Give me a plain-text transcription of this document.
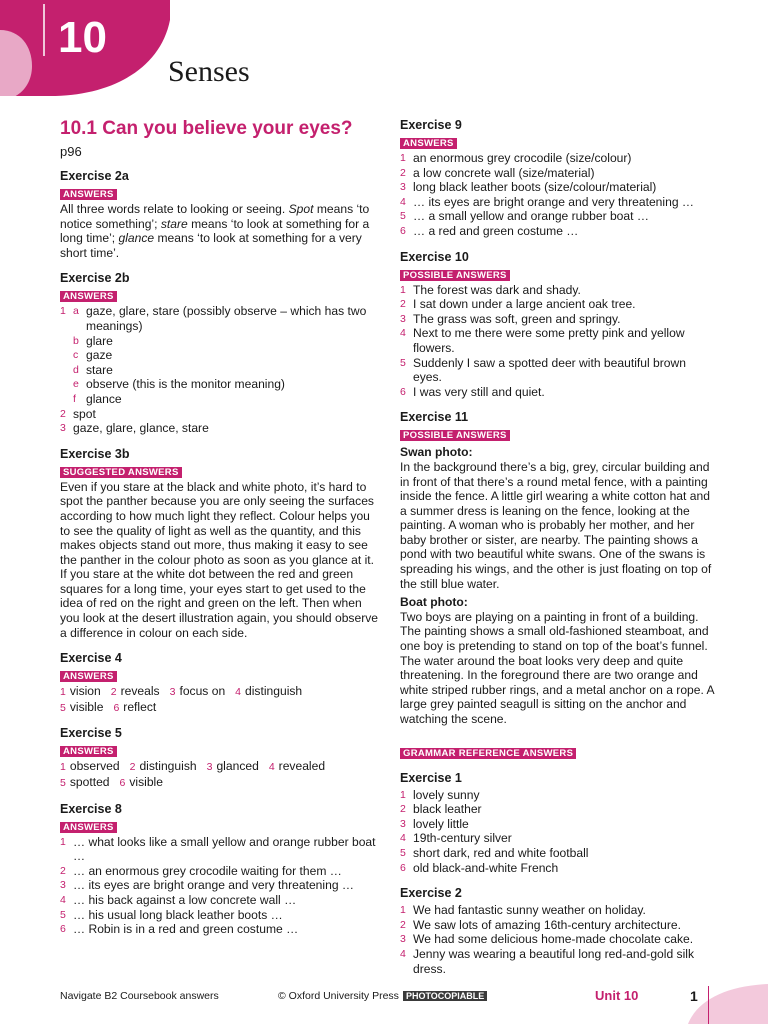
10
Senses
10.1 Can you believe your eyes? p96
Exercise 2a
ANSWERS

All three words relate to looking or seeing. Spot means ‘to notice something’; stare means ‘to look at something for a long time’; glance means ‘to look at something for a very short time’.

Exercise 2b
ANSWERS
1 a gaze, glare, stare (possibly observe – which has two meanings)
b glare
c gaze
d stare
e observe (this is the monitor meaning)
f glance
2 spot
3 gaze, glare, glance, stare
Exercise 3b
SUGGESTED ANSWERS

Even if you stare at the black and white photo, it’s hard to spot the panther because you are only seeing the surfaces according to how much light they reflect. Colour helps you to see the quality of light as well as the quantity, and this makes objects stand out more, thus making it easy to see the panther in the colour photo as soon as you glance at it.

If you stare at the white dot between the red and green squares for a long time, your eyes start to get used to the idea of red on the right and green on the left. Then when you look at the desert illustration again, you should observe a difference in colour on each side.

Exercise 4
ANSWERS
1 vision 2 reveals 3 focus on 4 distinguish
5 visible 6 reflect
Exercise 5
ANSWERS
1 observed 2 distinguish 3 glanced 4 revealed
5 spotted 6 visible
Exercise 8
ANSWERS
1 … what looks like a small yellow and orange rubber boat …
2 … an enormous grey crocodile waiting for them …
3 … its eyes are bright orange and very threatening …
4 … his back against a low concrete wall …
5 … his usual long black leather boots …
6 … Robin is in a red and green costume …
Exercise 9
ANSWERS
1 an enormous grey crocodile (size/colour)
2 a low concrete wall (size/material)
3 long black leather boots (size/colour/material)
4 … its eyes are bright orange and very threatening …
5 … a small yellow and orange rubber boat …
6 … a red and green costume …
Exercise 10
POSSIBLE ANSWERS
1 The forest was dark and shady.
2 I sat down under a large ancient oak tree.
3 The grass was soft, green and springy.
4 Next to me there were some pretty pink and yellow flowers.
5 Suddenly I saw a spotted deer with beautiful brown eyes.
6 I was very still and quiet.
Exercise 11
POSSIBLE ANSWERS

Swan photo:

In the background there’s a big, grey, circular building and in front of that there’s a round metal fence, with a painting inside the fence. A little girl wearing a white cotton hat and a summer dress is leaning on the fence, looking at the painting. A woman who is probably her mother, and her baby brother or sister, are nearby. The painting shows a pond with two beautiful white swans. One of the swans is spreading his wings, and the other is just floating on top of the still blue water.

Boat photo:

Two boys are playing on a painting in front of a building. The painting shows a small old-fashioned steamboat, and one boy is pretending to stand on top of the boat’s funnel. The water around the boat looks very deep and quite threatening. In the foreground there are two orange and white striped rubber rings, and a metal anchor on a rope. A large grey painted seagull is sitting on the anchor and watching the scene.

GRAMMAR REFERENCE ANSWERS
Exercise 1
1 lovely sunny
2 black leather
3 lovely little
4 19th-century silver
5 short dark, red and white football
6 old black-and-white French
Exercise 2
1 We had fantastic sunny weather on holiday.
2 We saw lots of amazing 16th-century architecture.
3 We had some delicious home-made chocolate cake.
4 Jenny was wearing a beautiful long red-and-gold silk dress.
Navigate B2 Coursebook answers	© Oxford University Press PHOTOCOPIABLE	Unit 10	1
